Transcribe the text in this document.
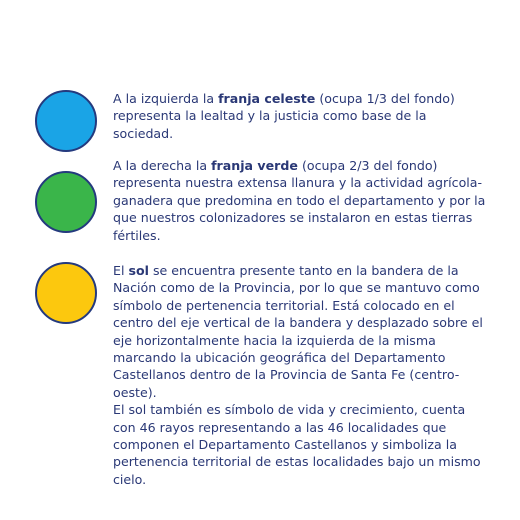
A la izquierda la franja celeste (ocupa 1/3 del fondo) representa la lealtad y la justicia como base de la sociedad.

A la derecha la franja verde (ocupa 2/3 del fondo) representa nuestra extensa llanura y la actividad agrícola-ganadera que predomina en todo el departamento y por la que nuestros colonizadores se instalaron en estas tierras fértiles.

El sol se encuentra presente tanto en la bandera de la Nación como de la Provincia, por lo que se mantuvo como símbolo de pertenencia territorial. Está colocado en el centro del eje vertical de la bandera y desplazado sobre el eje horizontalmente hacia la izquierda de la misma marcando la ubicación geográfica del Departamento Castellanos dentro de la Provincia de Santa Fe (centro-oeste).
El sol también es símbolo de vida y crecimiento, cuenta con 46 rayos representando a las 46 localidades que componen el Departamento Castellanos y simboliza la pertenencia territorial de estas localidades bajo un mismo cielo.
